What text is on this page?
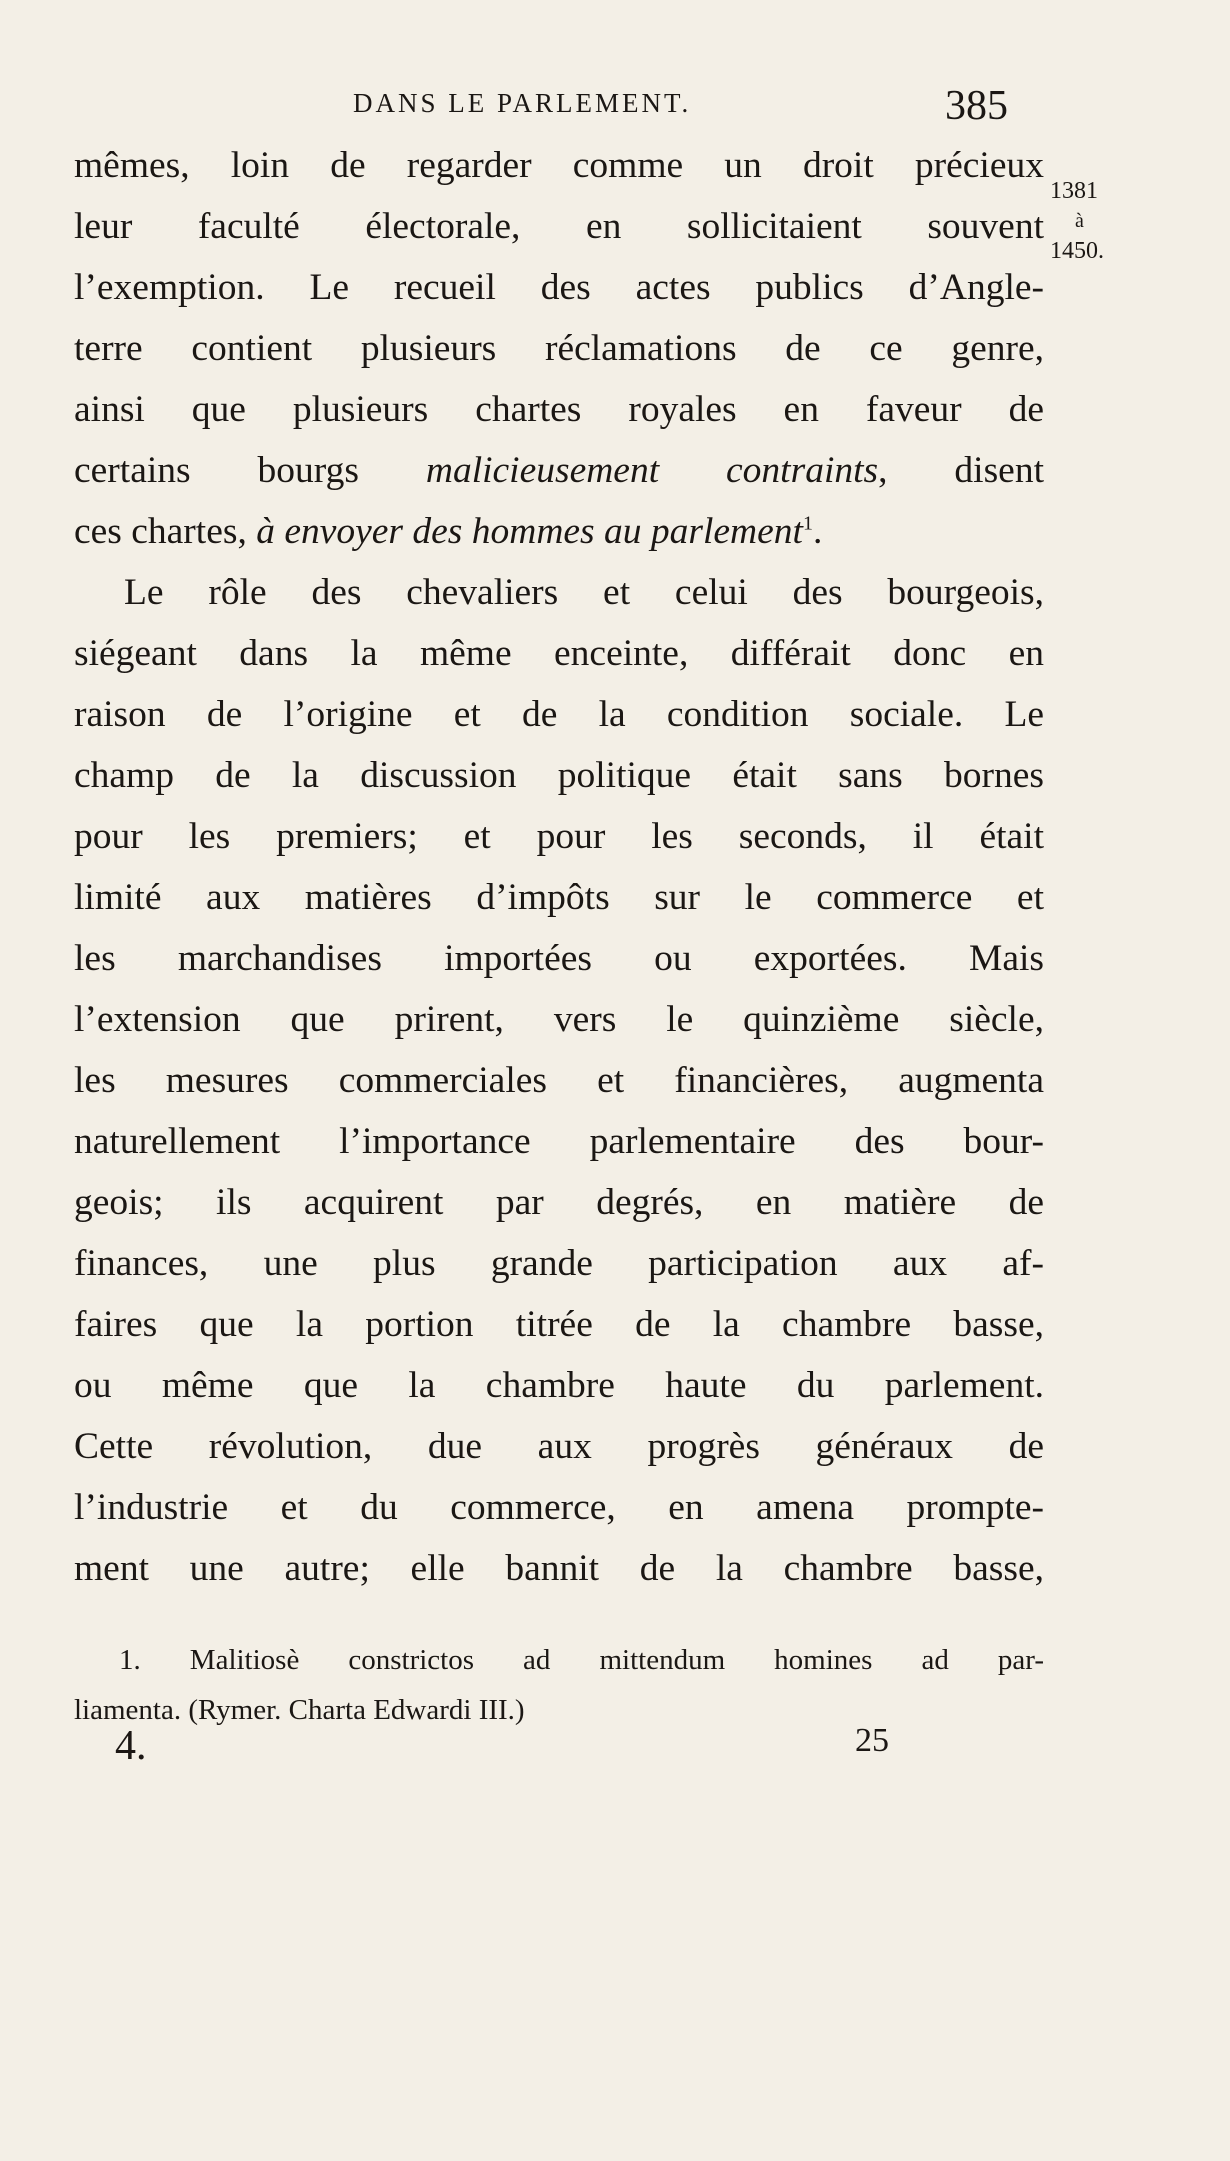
DANS LE PARLEMENT.	385
1381
à
1450.
mêmes, loin de regarder comme un droit précieux
leur faculté électorale, en sollicitaient souvent
l’exemption. Le recueil des actes publics d’Angle-
terre contient plusieurs réclamations de ce genre,
ainsi que plusieurs chartes royales en faveur de
certains bourgs malicieusement contraints, disent
ces chartes, à envoyer des hommes au parlement$^1$.
Le rôle des chevaliers et celui des bourgeois,
siégeant dans la même enceinte, différait donc en
raison de l’origine et de la condition sociale. Le
champ de la discussion politique était sans bornes
pour les premiers; et pour les seconds, il était
limité aux matières d’impôts sur le commerce et
les marchandises importées ou exportées. Mais
l’extension que prirent, vers le quinzième siècle,
les mesures commerciales et financières, augmenta
naturellement l’importance parlementaire des bour-
geois; ils acquirent par degrés, en matière de
finances, une plus grande participation aux af-
faires que la portion titrée de la chambre basse,
ou même que la chambre haute du parlement.
Cette révolution, due aux progrès généraux de
l’industrie et du commerce, en amena prompte-
ment une autre; elle bannit de la chambre basse,
1. Malitiosè constrictos ad mittendum homines ad par-
liamenta. (Rymer. Charta Edwardi III.)
4.	25
